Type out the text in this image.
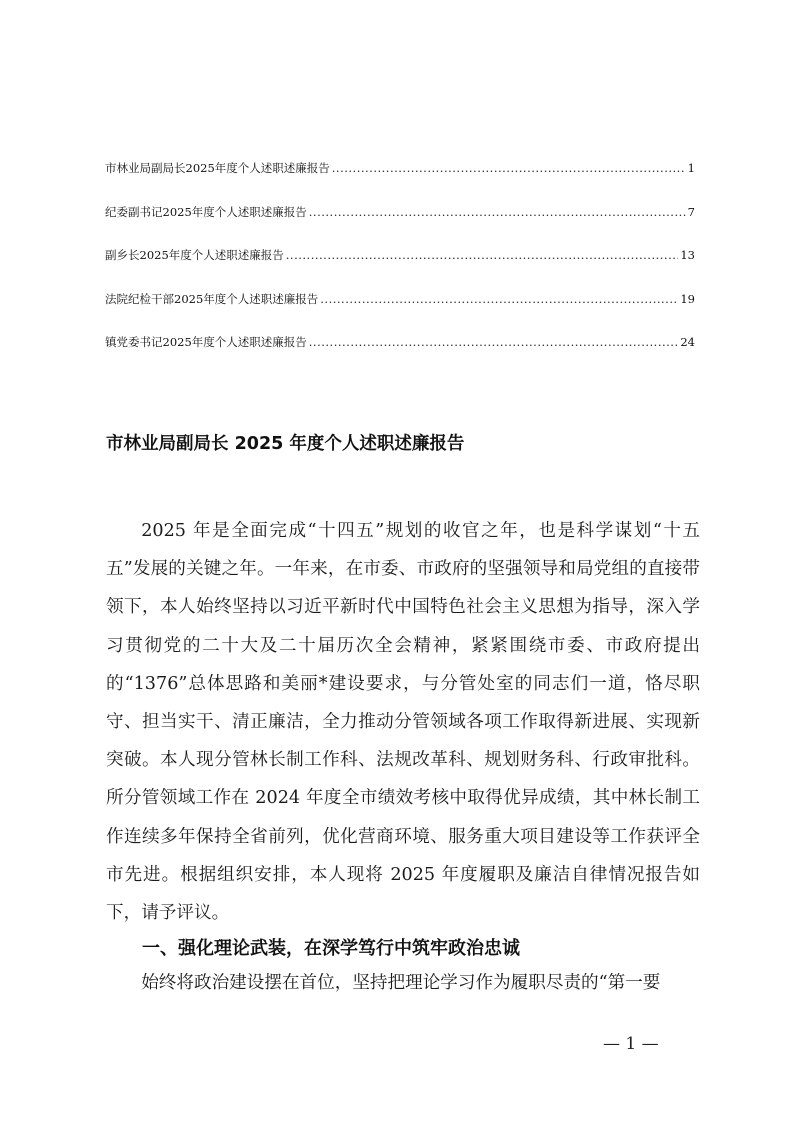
市林业局副局长2025年度个人述职述廉报告 .....	1
纪委副书记2025年度个人述职述廉报告 .....	7
副乡长2025年度个人述职述廉报告 .....	13
法院纪检干部2025年度个人述职述廉报告 .....	19
镇党委书记2025年度个人述职述廉报告 .....	24
市林业局副局长 2025 年度个人述职述廉报告

2025 年是全面完成“十四五”规划的收官之年，也是科学谋划“十五五”发展的关键之年。一年来，在市委、市政府的坚强领导和局党组的直接带领下，本人始终坚持以习近平新时代中国特色社会主义思想为指导，深入学习贯彻党的二十大及二十届历次全会精神，紧紧围绕市委、市政府提出的“1376”总体思路和美丽*建设要求，与分管处室的同志们一道，恪尽职守、担当实干、清正廉洁，全力推动分管领域各项工作取得新进展、实现新突破。本人现分管林长制工作科、法规改革科、规划财务科、行政审批科。所分管领域工作在 2024 年度全市绩效考核中取得优异成绩，其中林长制工作连续多年保持全省前列，优化营商环境、服务重大项目建设等工作获评全市先进。根据组织安排，本人现将 2025 年度履职及廉洁自律情况报告如下，请予评议。

一、强化理论武装，在深学笃行中筑牢政治忠诚

始终将政治建设摆在首位，坚持把理论学习作为履职尽责的“第一要

— 1 —
